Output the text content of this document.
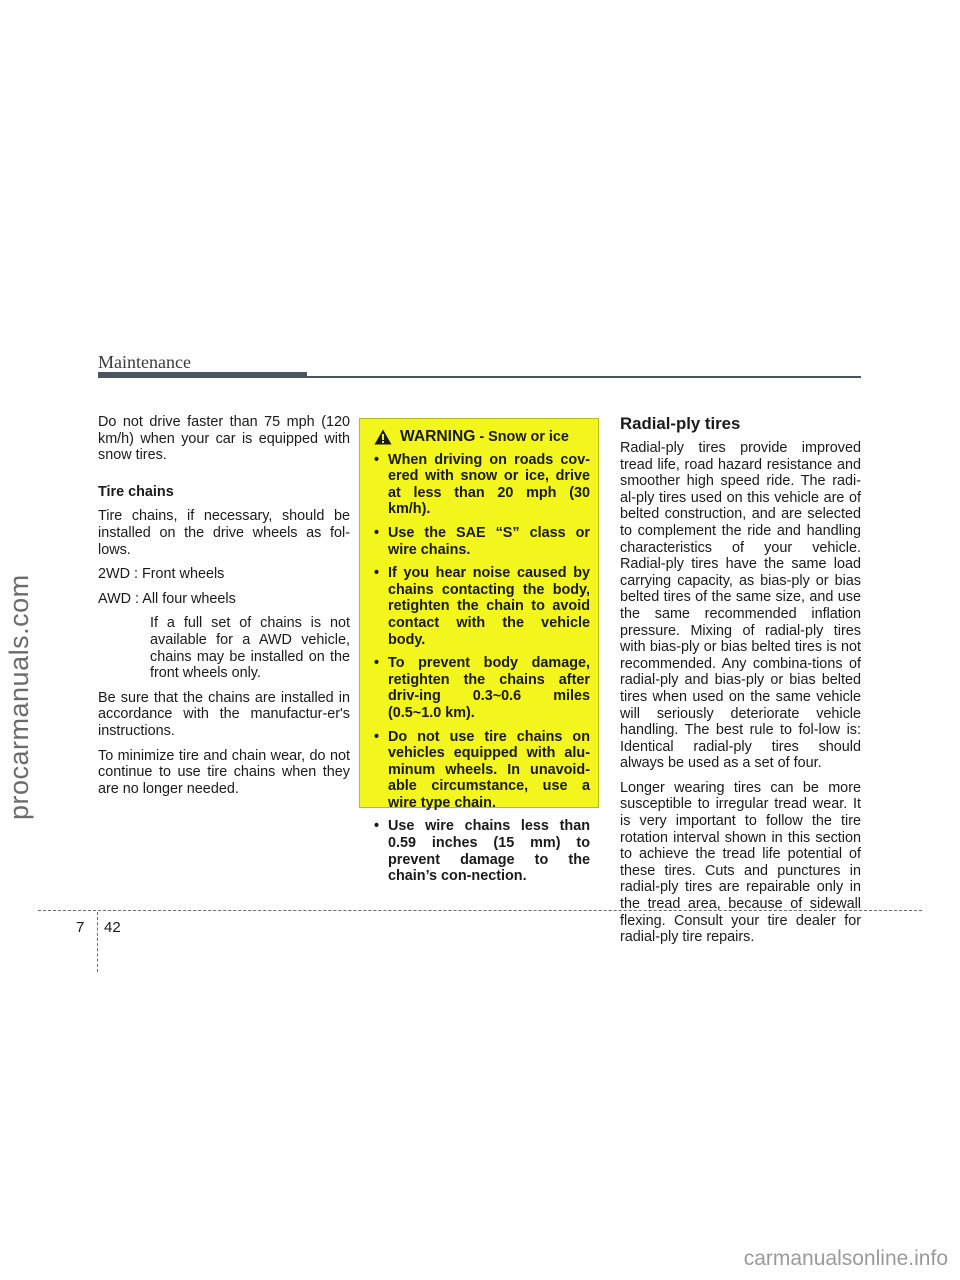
procarmanuals.com
carmanualsonline.info
Maintenance

Do not drive faster than 75 mph (120 km/h) when your car is equipped with snow tires.

Tire chains

Tire chains, if necessary, should be installed on the drive wheels as fol-lows.

2WD : Front wheels

AWD : All four wheels

If a full set of chains is not available for a AWD vehicle, chains may be installed on the front wheels only.

Be sure that the chains are installed in accordance with the manufactur-er's instructions.

To minimize tire and chain wear, do not continue to use tire chains when they are no longer needed.

WARNING - Snow or ice
• When driving on roads cov-ered with snow or ice, drive at less than 20 mph (30 km/h).
• Use the SAE “S” class or wire chains.
• If you hear noise caused by chains contacting the body, retighten the chain to avoid contact with the vehicle body.
• To prevent body damage, retighten the chains after driv-ing 0.3~0.6 miles (0.5~1.0 km).
• Do not use tire chains on vehicles equipped with alu-minum wheels. In unavoid-able circumstance, use a wire type chain.
• Use wire chains less than 0.59 inches (15 mm) to prevent damage to the chain’s con-nection.
Radial-ply tires

Radial-ply tires provide improved tread life, road hazard resistance and smoother high speed ride. The radi-al-ply tires used on this vehicle are of belted construction, and are selected to complement the ride and handling characteristics of your vehicle. Radial-ply tires have the same load carrying capacity, as bias-ply or bias belted tires of the same size, and use the same recommended inflation pressure. Mixing of radial-ply tires with bias-ply or bias belted tires is not recommended. Any combina-tions of radial-ply and bias-ply or bias belted tires when used on the same vehicle will seriously deteriorate vehicle handling. The best rule to fol-low is: Identical radial-ply tires should always be used as a set of four.

Longer wearing tires can be more susceptible to irregular tread wear. It is very important to follow the tire rotation interval shown in this section to achieve the tread life potential of these tires. Cuts and punctures in radial-ply tires are repairable only in the tread area, because of sidewall flexing. Consult your tire dealer for radial-ply tire repairs.

7 42
